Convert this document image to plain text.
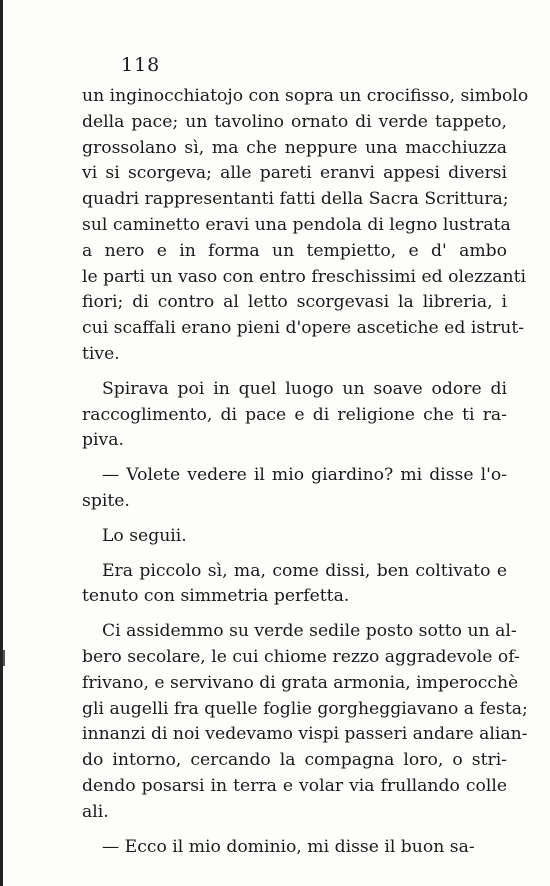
118
un inginocchiatojo con sopra un crocifisso, simbolo
della pace; un tavolino ornato di verde tappeto,
grossolano sì, ma che neppure una macchiuzza
vi si scorgeva; alle pareti eranvi appesi diversi
quadri rappresentanti fatti della Sacra Scrittura;
sul caminetto eravi una pendola di legno lustrata
a nero e in forma un tempietto, e d' ambo
le parti un vaso con entro freschissimi ed olezzanti
fiori; di contro al letto scorgevasi la libreria, i
cui scaffali erano pieni d'opere ascetiche ed istrut-
tive.
Spirava poi in quel luogo un soave odore di
raccoglimento, di pace e di religione che ti ra-
piva.
— Volete vedere il mio giardino? mi disse l'o-
spite.
Lo seguii.
Era piccolo sì, ma, come dissi, ben coltivato e
tenuto con simmetria perfetta.
Ci assidemmo su verde sedile posto sotto un al-
bero secolare, le cui chiome rezzo aggradevole of-
frivano, e servivano di grata armonia, imperocchè
gli augelli fra quelle foglie gorgheggiavano a festa;
innanzi di noi vedevamo vispi passeri andare alian-
do intorno, cercando la compagna loro, o stri-
dendo posarsi in terra e volar via frullando colle
ali.
— Ecco il mio dominio, mi disse il buon sa-
